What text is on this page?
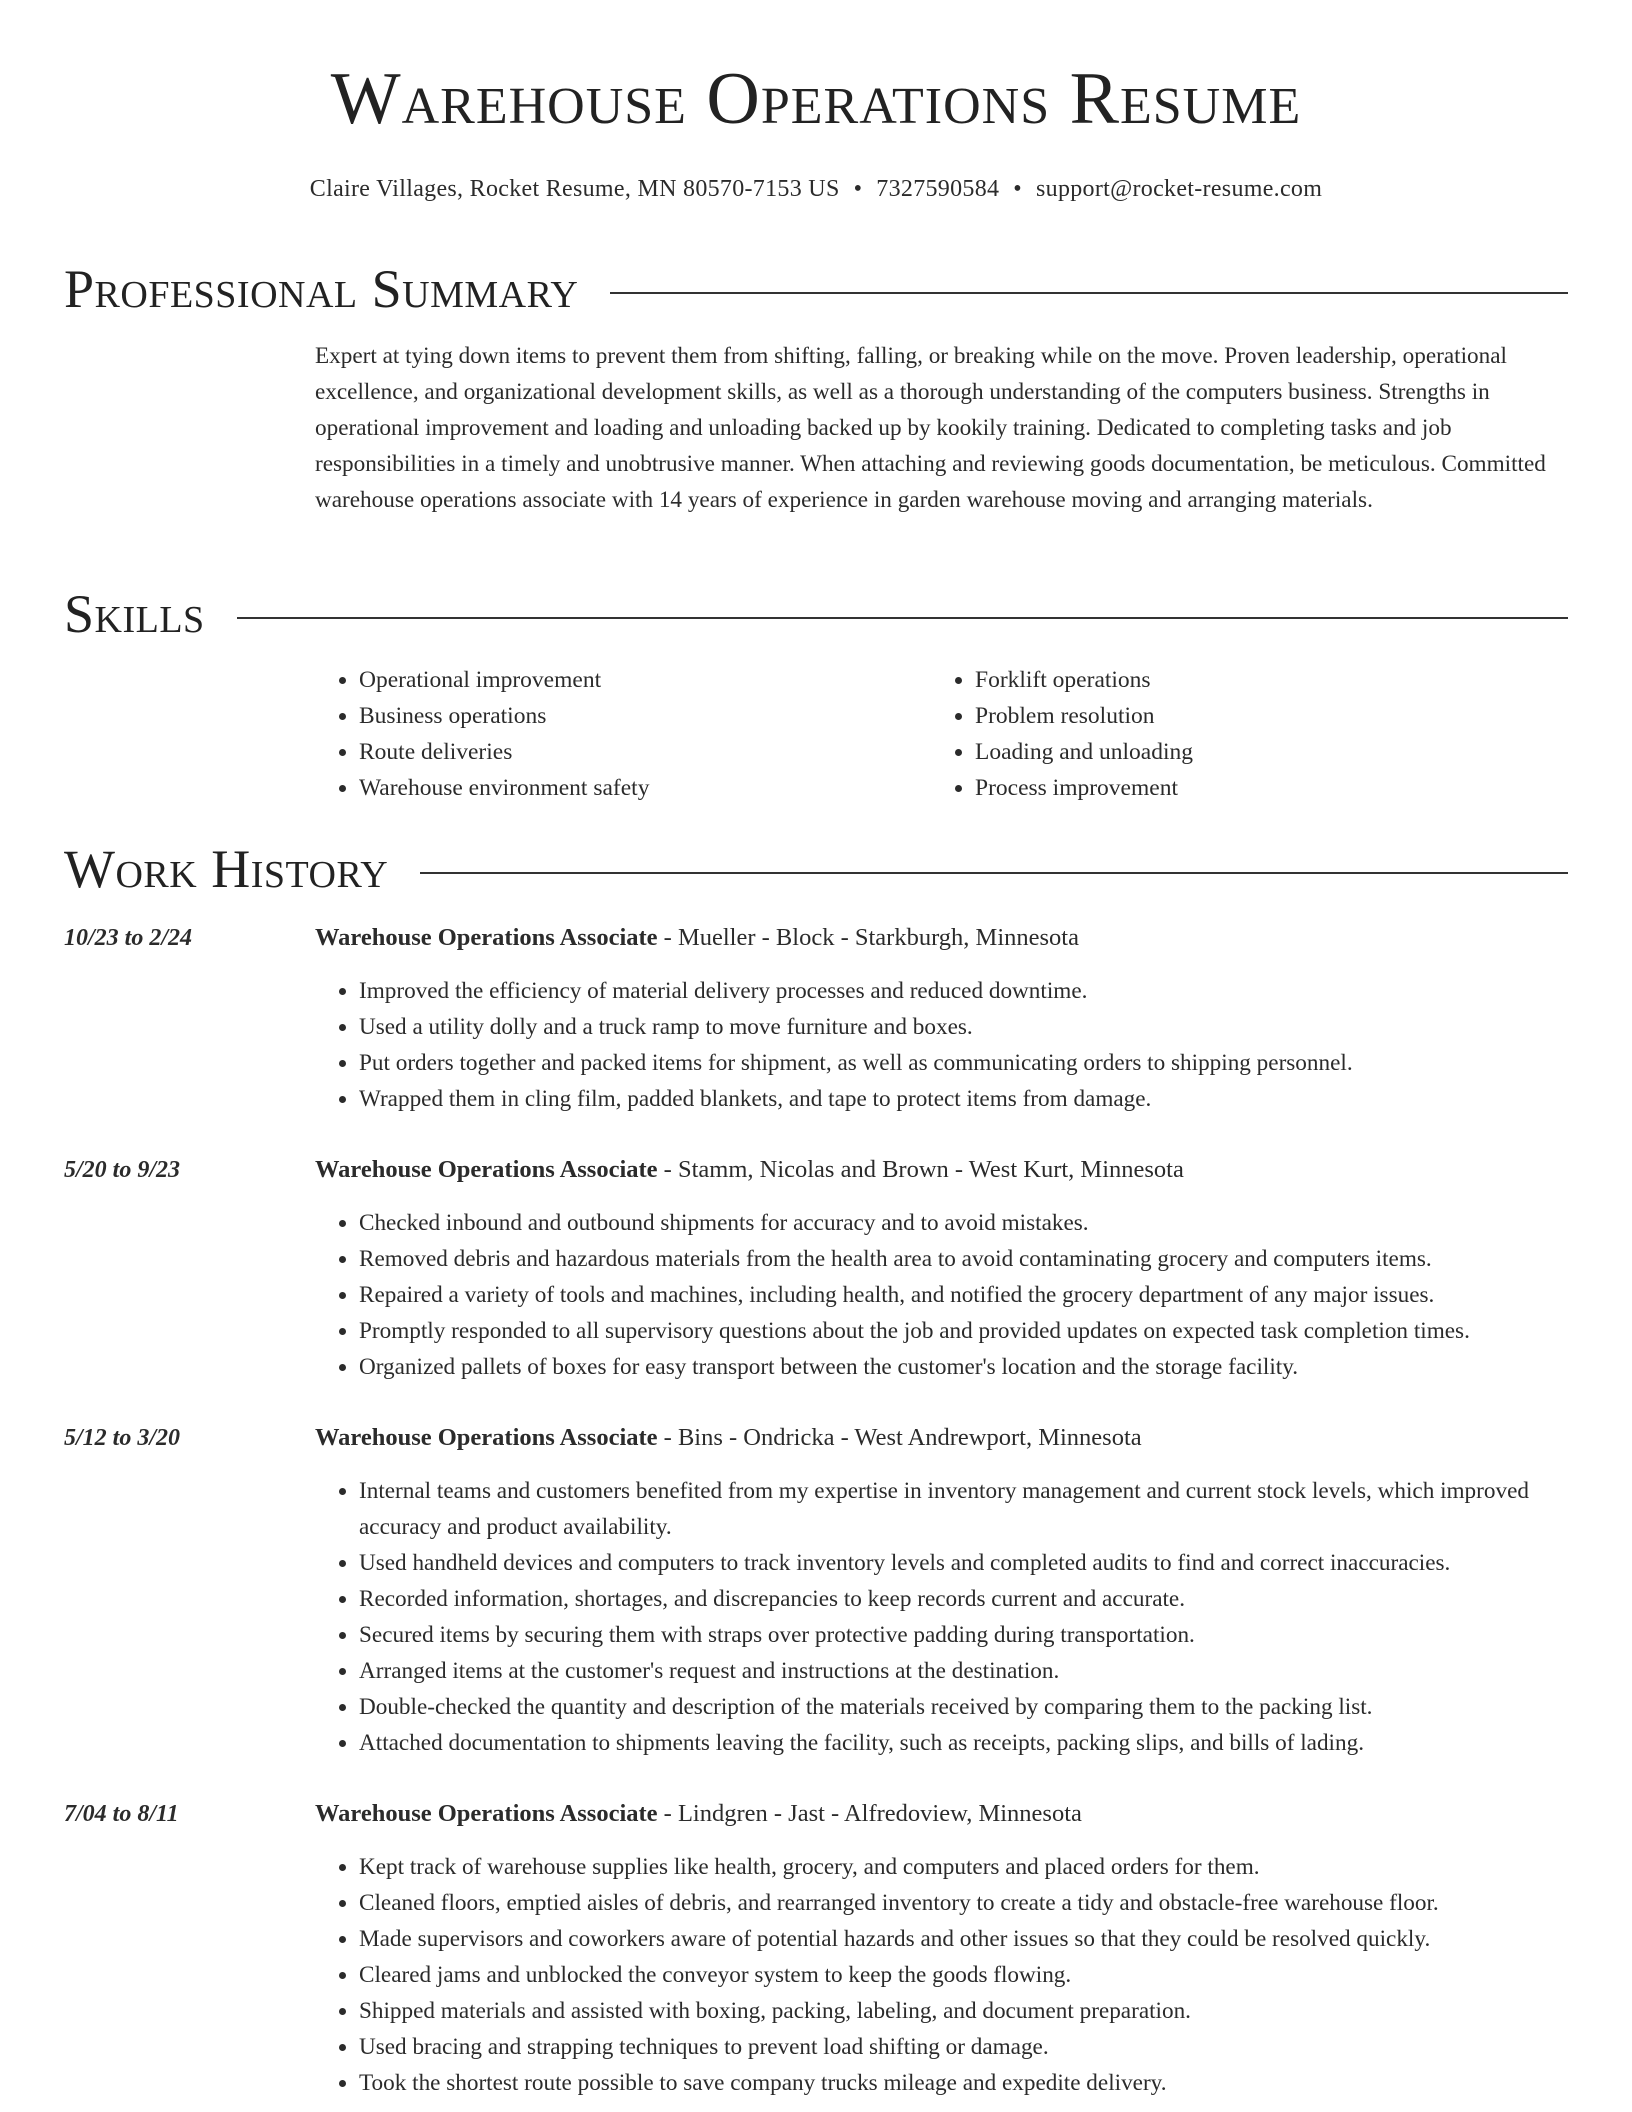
Warehouse Operations Resume
Claire Villages, Rocket Resume, MN 80570-7153 US • 7327590584 • support@rocket-resume.com
Professional Summary

Expert at tying down items to prevent them from shifting, falling, or breaking while on the move. Proven leadership, operational excellence, and organizational development skills, as well as a thorough understanding of the computers business. Strengths in operational improvement and loading and unloading backed up by kookily training. Dedicated to completing tasks and job responsibilities in a timely and unobtrusive manner. When attaching and reviewing goods documentation, be meticulous. Committed warehouse operations associate with 14 years of experience in garden warehouse moving and arranging materials.

Skills
• Operational improvement
• Business operations
• Route deliveries
• Warehouse environment safety
• Forklift operations
• Problem resolution
• Loading and unloading
• Process improvement
Work History
10/23 to 2/24	Warehouse Operations Associate - Mueller - Block - Starkburgh, Minnesota
• Improved the efficiency of material delivery processes and reduced downtime.
• Used a utility dolly and a truck ramp to move furniture and boxes.
• Put orders together and packed items for shipment, as well as communicating orders to shipping personnel.
• Wrapped them in cling film, padded blankets, and tape to protect items from damage.
5/20 to 9/23	Warehouse Operations Associate - Stamm, Nicolas and Brown - West Kurt, Minnesota
• Checked inbound and outbound shipments for accuracy and to avoid mistakes.
• Removed debris and hazardous materials from the health area to avoid contaminating grocery and computers items.
• Repaired a variety of tools and machines, including health, and notified the grocery department of any major issues.
• Promptly responded to all supervisory questions about the job and provided updates on expected task completion times.
• Organized pallets of boxes for easy transport between the customer's location and the storage facility.
5/12 to 3/20	Warehouse Operations Associate - Bins - Ondricka - West Andrewport, Minnesota
• Internal teams and customers benefited from my expertise in inventory management and current stock levels, which improved accuracy and product availability.
• Used handheld devices and computers to track inventory levels and completed audits to find and correct inaccuracies.
• Recorded information, shortages, and discrepancies to keep records current and accurate.
• Secured items by securing them with straps over protective padding during transportation.
• Arranged items at the customer's request and instructions at the destination.
• Double-checked the quantity and description of the materials received by comparing them to the packing list.
• Attached documentation to shipments leaving the facility, such as receipts, packing slips, and bills of lading.
7/04 to 8/11	Warehouse Operations Associate - Lindgren - Jast - Alfredoview, Minnesota
• Kept track of warehouse supplies like health, grocery, and computers and placed orders for them.
• Cleaned floors, emptied aisles of debris, and rearranged inventory to create a tidy and obstacle-free warehouse floor.
• Made supervisors and coworkers aware of potential hazards and other issues so that they could be resolved quickly.
• Cleared jams and unblocked the conveyor system to keep the goods flowing.
• Shipped materials and assisted with boxing, packing, labeling, and document preparation.
• Used bracing and strapping techniques to prevent load shifting or damage.
• Took the shortest route possible to save company trucks mileage and expedite delivery.
